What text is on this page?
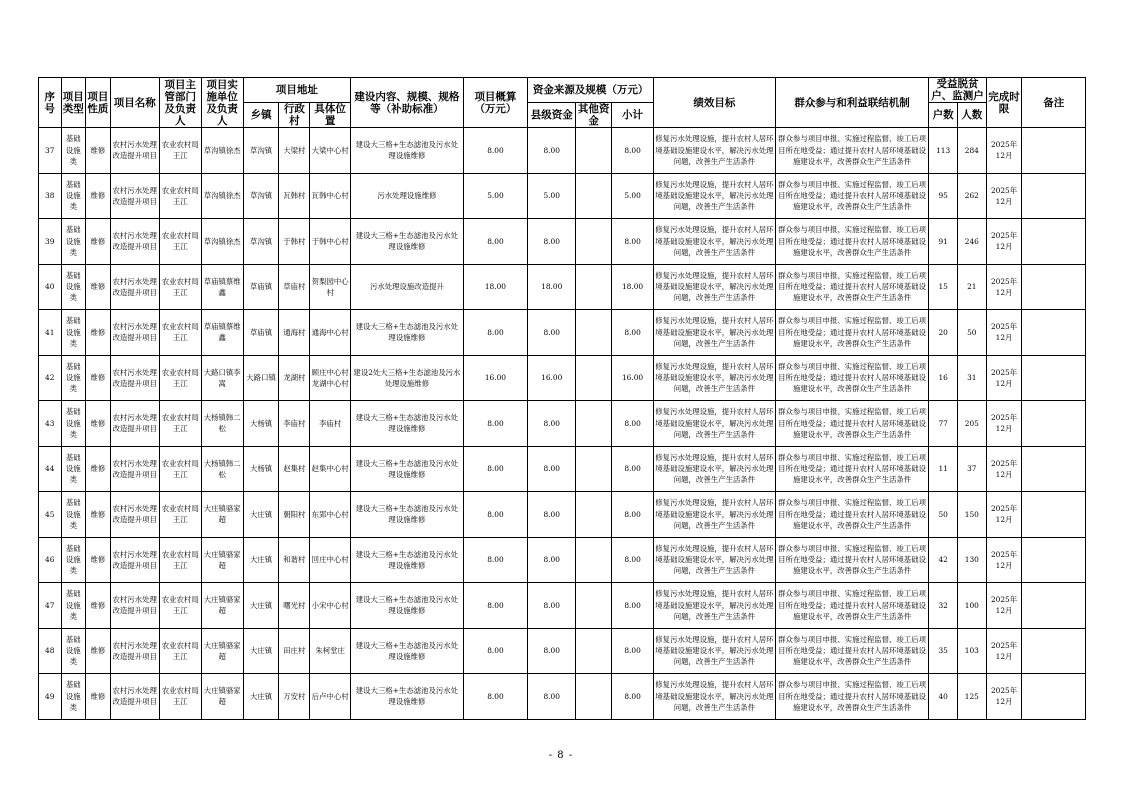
序号	项目类型	项目性质	项目名称	项目主管部门及负责人	项目实施单位及负责人	项目地址			建设内容、规模、规格等（补助标准）	项目概算（万元）	资金来源及规模（万元）			绩效目标	群众参与和利益联结机制	受益脱贫户、监测户		完成时限	备注
						乡镇	行政村	具体位置			县级资金	其他资金	小计			户数	人数		
37	基础设施类	维修	农村污水处理改造提升项目	农业农村局王江	草沟镇徐杰	草沟镇	大梁村	大梁中心村	建设大三格+生态滤池及污水处理设施维修	8.00	8.00		8.00	修复污水处理设施，提升农村人居环境基础设施建设水平，解决污水处理问题，改善生产生活条件	群众参与项目申报、实施过程监督、竣工后项目所在地受益；通过提升农村人居环境基础设施建设水平，改善群众生产生活条件	113	284	2025年12月	
38	基础设施类	维修	农村污水处理改造提升项目	农业农村局王江	草沟镇徐杰	草沟镇	瓦韩村	瓦韩中心村	污水处理设施维修	5.00	5.00		5.00	修复污水处理设施，提升农村人居环境基础设施建设水平，解决污水处理问题，改善生产生活条件	群众参与项目申报、实施过程监督、竣工后项目所在地受益；通过提升农村人居环境基础设施建设水平，改善群众生产生活条件	95	262	2025年12月	
39	基础设施类	维修	农村污水处理改造提升项目	农业农村局王江	草沟镇徐杰	草沟镇	于韩村	于韩中心村	建设大三格+生态滤池及污水处理设施维修	8.00	8.00		8.00	修复污水处理设施，提升农村人居环境基础设施建设水平，解决污水处理问题，改善生产生活条件	群众参与项目申报、实施过程监督、竣工后项目所在地受益；通过提升农村人居环境基础设施建设水平，改善群众生产生活条件	91	246	2025年12月	
40	基础设施类	维修	农村污水处理改造提升项目	农业农村局王江	草庙镇蔡维鑫	草庙镇	草庙村	贺梨园中心村	污水处理设施改造提升	18.00	18.00		18.00	修复污水处理设施，提升农村人居环境基础设施建设水平，解决污水处理问题，改善生产生活条件	群众参与项目申报、实施过程监督、竣工后项目所在地受益；通过提升农村人居环境基础设施建设水平，改善群众生产生活条件	15	21	2025年12月	
41	基础设施类	维修	农村污水处理改造提升项目	农业农村局王江	草庙镇蔡维鑫	草庙镇	通海村	通海中心村	建设大三格+生态滤池及污水处理设施维修	8.00	8.00		8.00	修复污水处理设施，提升农村人居环境基础设施建设水平，解决污水处理问题，改善生产生活条件	群众参与项目申报、实施过程监督、竣工后项目所在地受益；通过提升农村人居环境基础设施建设水平，改善群众生产生活条件	20	50	2025年12月	
42	基础设施类	维修	农村污水处理改造提升项目	农业农村局王江	大路口镇李嵩	大路口镇	龙湖村	顾庄中心村龙湖中心村	建设2处大三格+生态滤池及污水处理设施维修	16.00	16.00		16.00	修复污水处理设施，提升农村人居环境基础设施建设水平，解决污水处理问题，改善生产生活条件	群众参与项目申报、实施过程监督、竣工后项目所在地受益；通过提升农村人居环境基础设施建设水平，改善群众生产生活条件	16	31	2025年12月	
43	基础设施类	维修	农村污水处理改造提升项目	农业农村局王江	大杨镇韩二松	大杨镇	李庙村	李庙村	建设大三格+生态滤池及污水处理设施维修	8.00	8.00		8.00	修复污水处理设施，提升农村人居环境基础设施建设水平，解决污水处理问题，改善生产生活条件	群众参与项目申报、实施过程监督、竣工后项目所在地受益；通过提升农村人居环境基础设施建设水平，改善群众生产生活条件	77	205	2025年12月	
44	基础设施类	维修	农村污水处理改造提升项目	农业农村局王江	大杨镇韩二松	大杨镇	赵集村	赵集中心村	建设大三格+生态滤池及污水处理设施维修	8.00	8.00		8.00	修复污水处理设施，提升农村人居环境基础设施建设水平，解决污水处理问题，改善生产生活条件	群众参与项目申报、实施过程监督、竣工后项目所在地受益；通过提升农村人居环境基础设施建设水平，改善群众生产生活条件	11	37	2025年12月	
45	基础设施类	维修	农村污水处理改造提升项目	农业农村局王江	大庄镇骆家超	大庄镇	朝阳村	东郢中心村	建设大三格+生态滤池及污水处理设施维修	8.00	8.00		8.00	修复污水处理设施，提升农村人居环境基础设施建设水平，解决污水处理问题，改善生产生活条件	群众参与项目申报、实施过程监督、竣工后项目所在地受益；通过提升农村人居环境基础设施建设水平，改善群众生产生活条件	50	150	2025年12月	
46	基础设施类	维修	农村污水处理改造提升项目	农业农村局王江	大庄镇骆家超	大庄镇	和谐村	回庄中心村	建设大三格+生态滤池及污水处理设施维修	8.00	8.00		8.00	修复污水处理设施，提升农村人居环境基础设施建设水平，解决污水处理问题，改善生产生活条件	群众参与项目申报、实施过程监督、竣工后项目所在地受益；通过提升农村人居环境基础设施建设水平，改善群众生产生活条件	42	130	2025年12月	
47	基础设施类	维修	农村污水处理改造提升项目	农业农村局王江	大庄镇骆家超	大庄镇	曙光村	小宋中心村	建设大三格+生态滤池及污水处理设施维修	8.00	8.00		8.00	修复污水处理设施，提升农村人居环境基础设施建设水平，解决污水处理问题，改善生产生活条件	群众参与项目申报、实施过程监督、竣工后项目所在地受益；通过提升农村人居环境基础设施建设水平，改善群众生产生活条件	32	100	2025年12月	
48	基础设施类	维修	农村污水处理改造提升项目	农业农村局王江	大庄镇骆家超	大庄镇	田庄村	朱柯堂庄	建设大三格+生态滤池及污水处理设施维修	8.00	8.00		8.00	修复污水处理设施，提升农村人居环境基础设施建设水平，解决污水处理问题，改善生产生活条件	群众参与项目申报、实施过程监督、竣工后项目所在地受益；通过提升农村人居环境基础设施建设水平，改善群众生产生活条件	35	103	2025年12月	
49	基础设施类	维修	农村污水处理改造提升项目	农业农村局王江	大庄镇骆家超	大庄镇	万安村	后卢中心村	建设大三格+生态滤池及污水处理设施维修	8.00	8.00		8.00	修复污水处理设施，提升农村人居环境基础设施建设水平，解决污水处理问题，改善生产生活条件	群众参与项目申报、实施过程监督、竣工后项目所在地受益；通过提升农村人居环境基础设施建设水平，改善群众生产生活条件	40	125	2025年12月	
- 8 -
